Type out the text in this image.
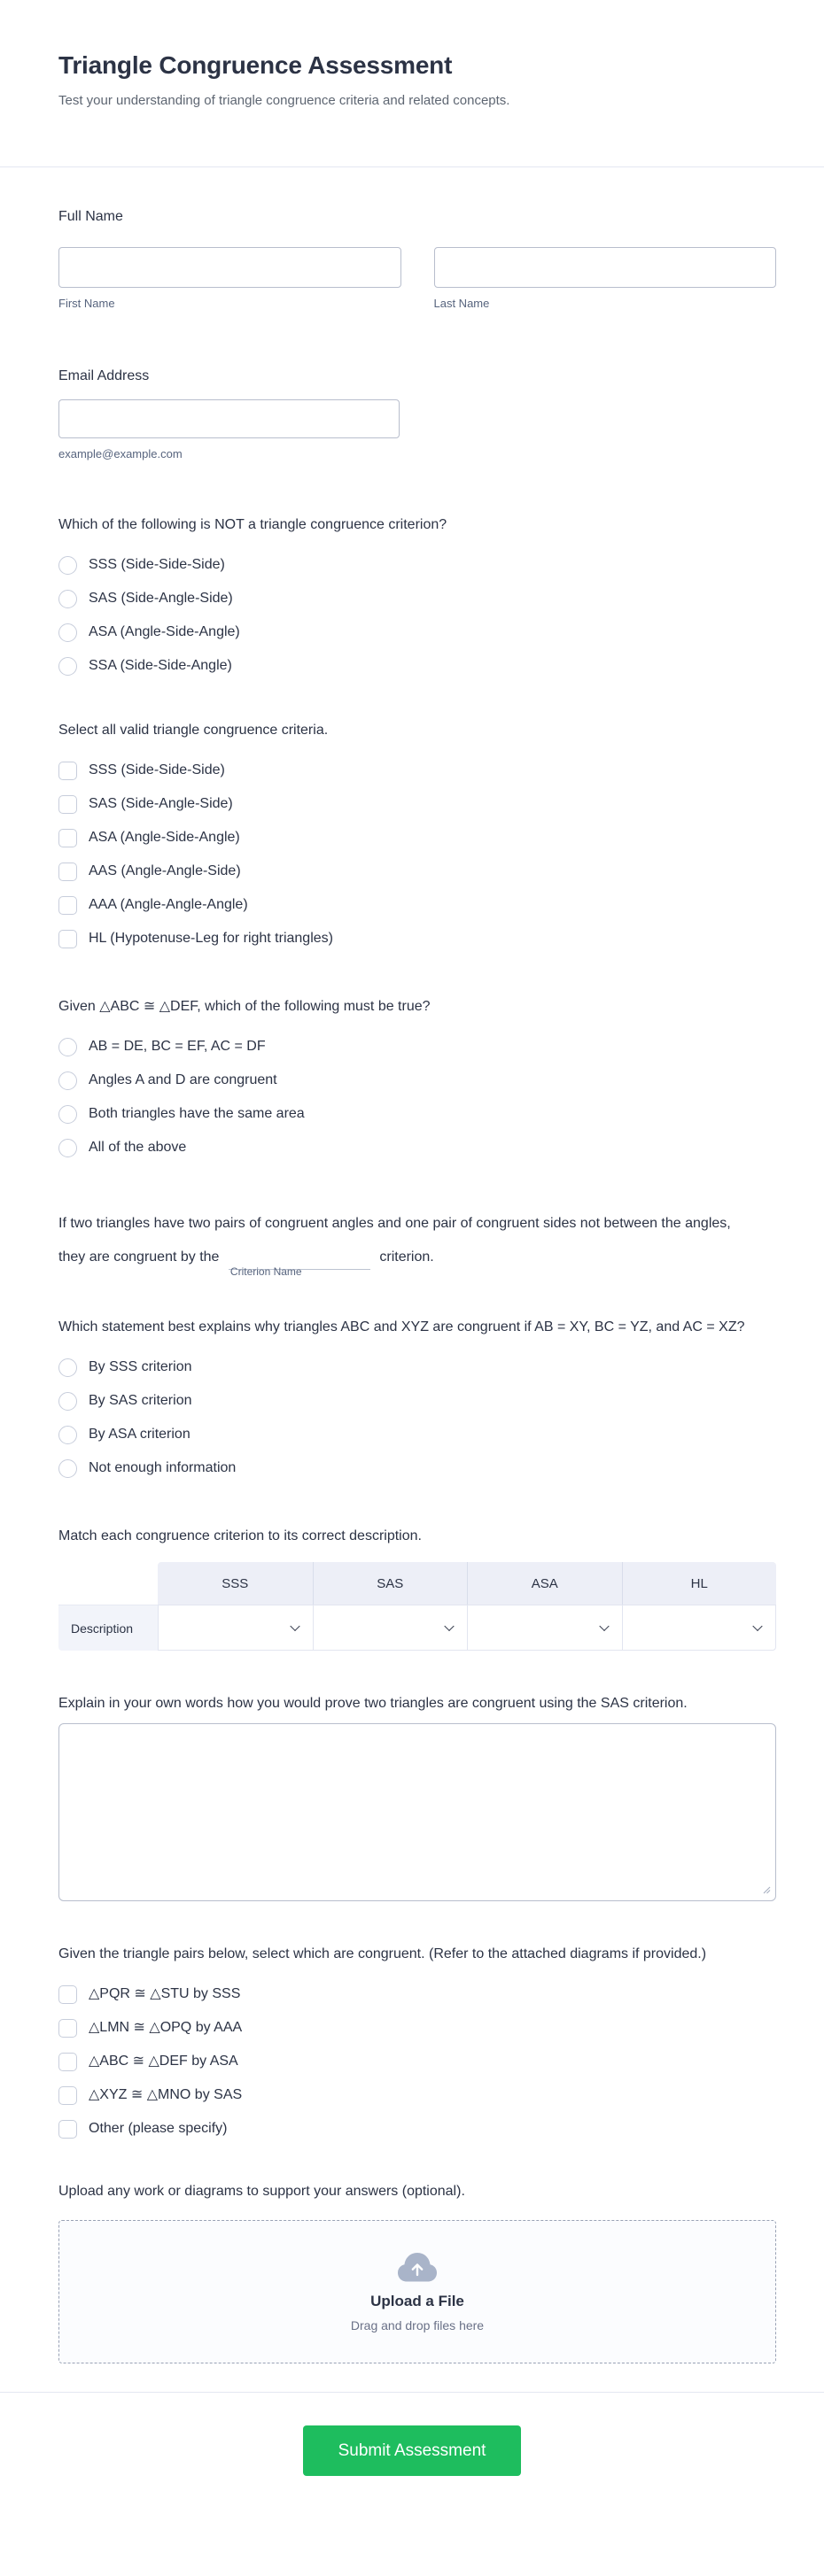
Triangle Congruence Assessment
Test your understanding of triangle congruence criteria and related concepts.
Full Name
First Name	Last Name
Email Address
example@example.com
Which of the following is NOT a triangle congruence criterion?
SSS (Side-Side-Side)
SAS (Side-Angle-Side)
ASA (Angle-Side-Angle)
SSA (Side-Side-Angle)
Select all valid triangle congruence criteria.
SSS (Side-Side-Side)
SAS (Side-Angle-Side)
ASA (Angle-Side-Angle)
AAS (Angle-Angle-Side)
AAA (Angle-Angle-Angle)
HL (Hypotenuse-Leg for right triangles)
Given △ABC ≅ △DEF, which of the following must be true?
AB = DE, BC = EF, AC = DF
Angles A and D are congruent
Both triangles have the same area
All of the above
If two triangles have two pairs of congruent angles and one pair of congruent sides not between the angles, they are congruent by the
Criterion Name
criterion.
Which statement best explains why triangles ABC and XYZ are congruent if AB = XY, BC = YZ, and AC = XZ?
By SSS criterion
By SAS criterion
By ASA criterion
Not enough information
Match each congruence criterion to its correct description.
SSS	SAS	ASA	HL
Description
Explain in your own words how you would prove two triangles are congruent using the SAS criterion.
Given the triangle pairs below, select which are congruent. (Refer to the attached diagrams if provided.)
△PQR ≅ △STU by SSS
△LMN ≅ △OPQ by AAA
△ABC ≅ △DEF by ASA
△XYZ ≅ △MNO by SAS
Other (please specify)
Upload any work or diagrams to support your answers (optional).
Upload a File
Drag and drop files here
Submit Assessment
